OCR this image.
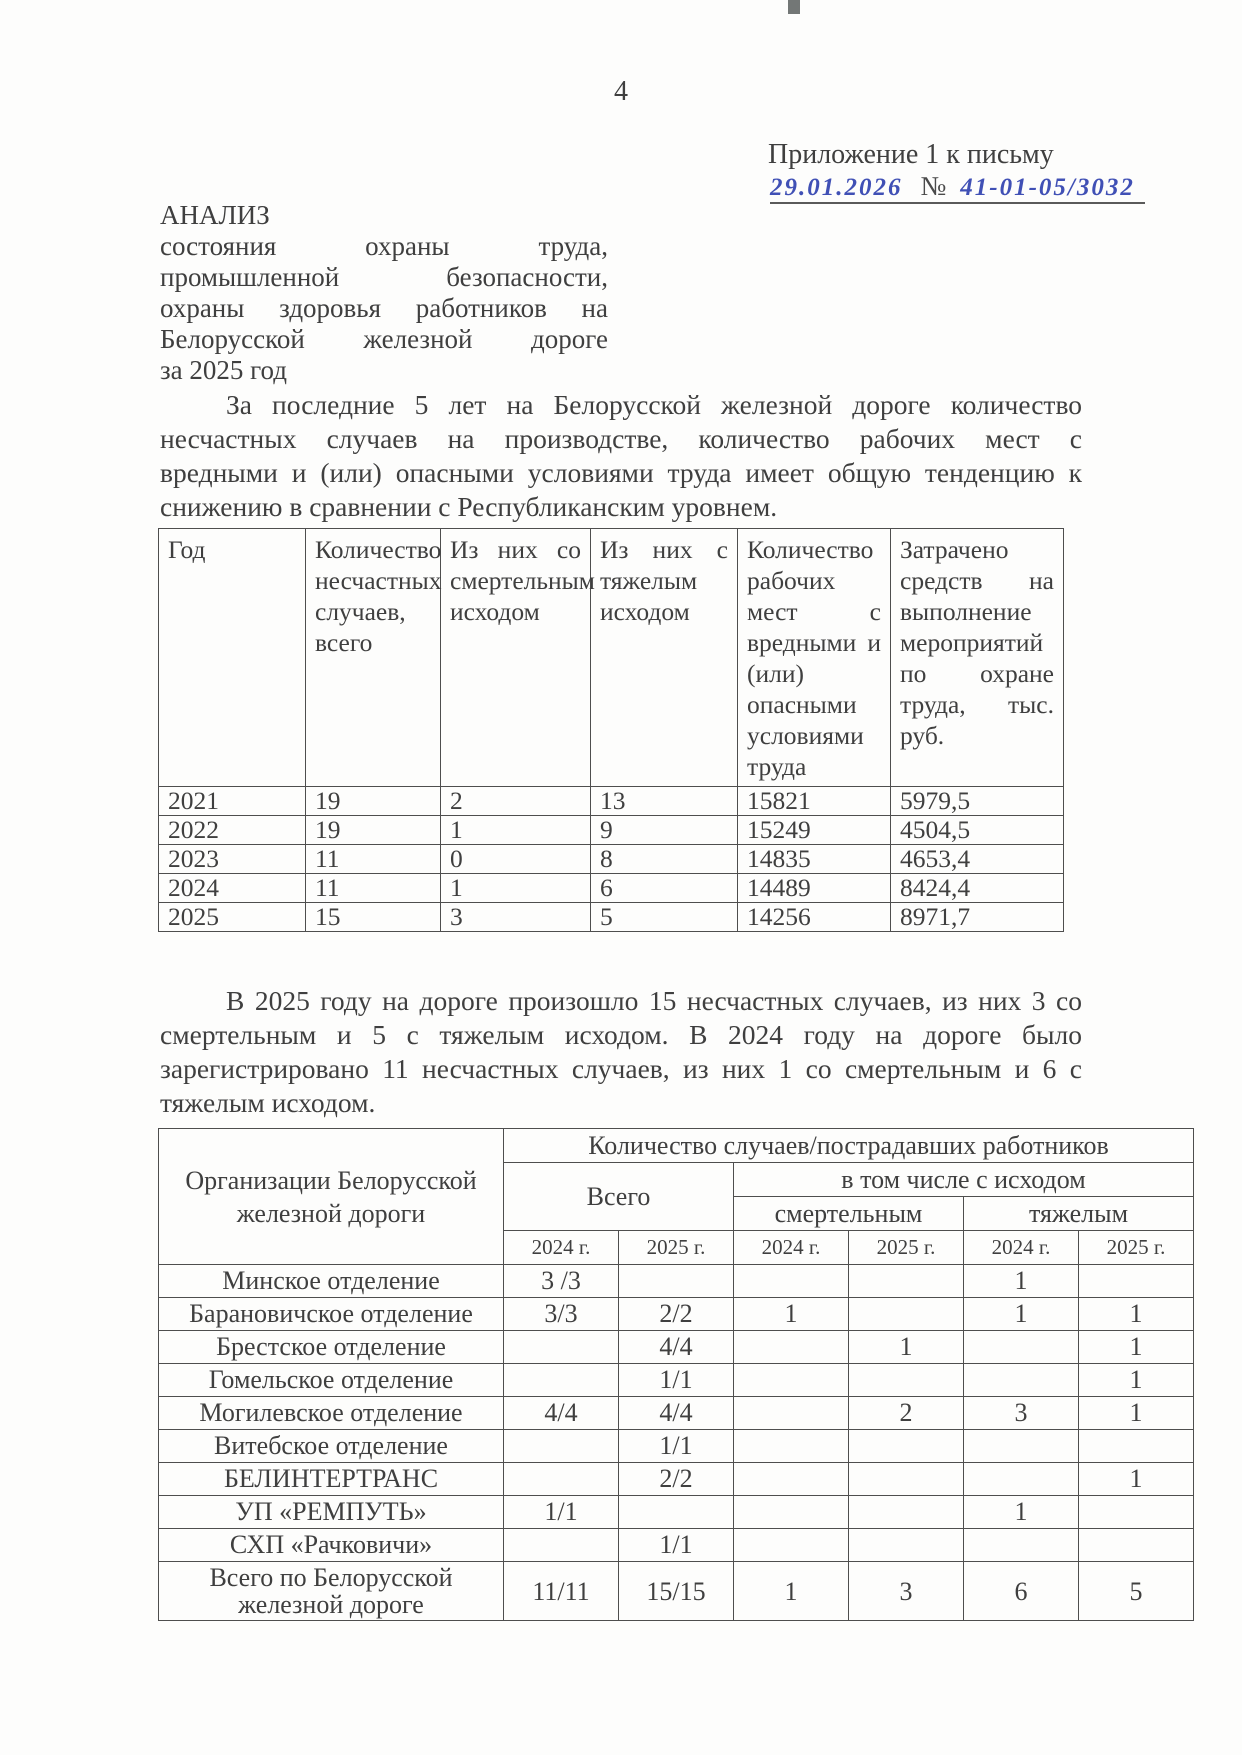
4
Приложение 1 к письму
29.01.2026 № 41-01-05/3032
АНАЛИЗ
состояния охраны труда,
промышленной безопасности,
охраны здоровья работников на
Белорусской железной дороге
за 2025 год
За последние 5 лет на Белорусской железной дороге количество
несчастных случаев на производстве, количество рабочих мест с
вредными и (или) опасными условиями труда имеет общую тенденцию к
снижению в сравнении с Республиканским уровнем.
Год	Количество несчастных случаев, всего	Из них со смертельным исходом	Из них с тяжелым исходом	Количество рабочих мест с вредными и (или) опасными условиями труда	Затрачено средств на выполнение мероприятий по охране труда, тыс. руб.
2021	19	2	13	15821	5979,5
2022	19	1	9	15249	4504,5
2023	11	0	8	14835	4653,4
2024	11	1	6	14489	8424,4
2025	15	3	5	14256	8971,7
В 2025 году на дороге произошло 15 несчастных случаев, из них 3 со
смертельным и 5 с тяжелым исходом. В 2024 году на дороге было
зарегистрировано 11 несчастных случаев, из них 1 со смертельным и 6 с
тяжелым исходом.
Организации Белорусской железной дороги	Количество случаев/пострадавших работников					
	Всего		в том числе с исходом			
			смертельным		тяжелым	
	2024 г.	2025 г.	2024 г.	2025 г.	2024 г.	2025 г.
Минское отделение	3 /3				1	
Барановичское отделение	3/3	2/2	1		1	1
Брестское отделение		4/4		1		1
Гомельское отделение		1/1				1
Могилевское отделение	4/4	4/4		2	3	1
Витебское отделение		1/1				
БЕЛИНТЕРТРАНС		2/2				1
УП «РЕМПУТЬ»	1/1				1	
СХП «Рачковичи»		1/1				
Всего по Белорусской железной дороге	11/11	15/15	1	3	6	5
